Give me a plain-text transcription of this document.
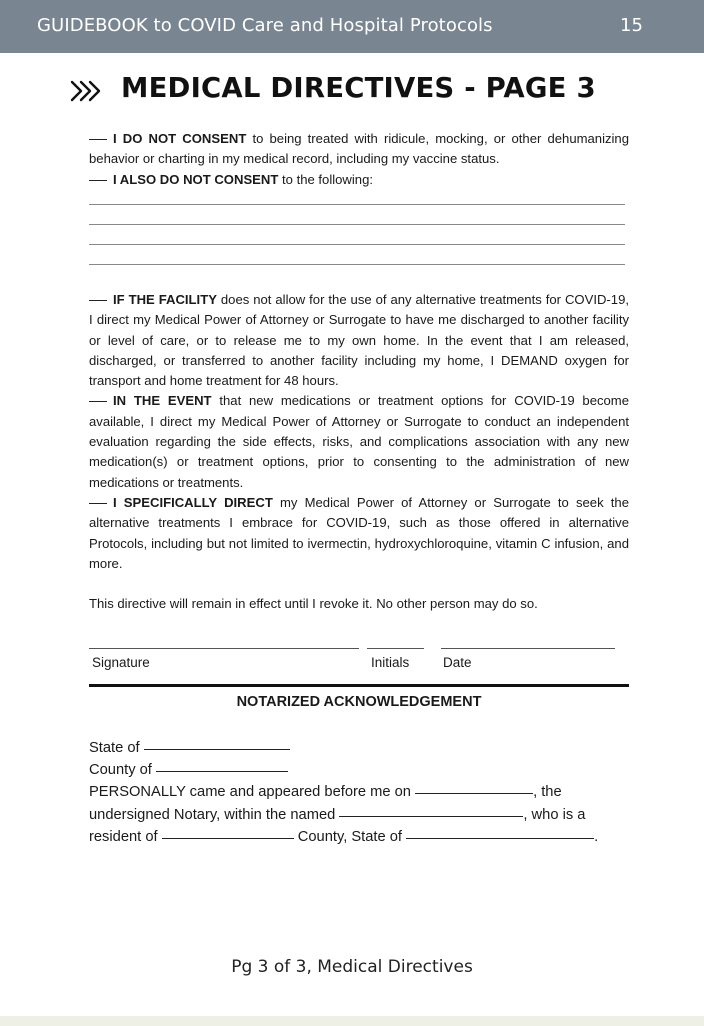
GUIDEBOOK to COVID Care and Hospital Protocols	15
MEDICAL DIRECTIVES - PAGE 3

I DO NOT CONSENT to being treated with ridicule, mocking, or other dehumanizing behavior or charting in my medical record, including my vaccine status.

I ALSO DO NOT CONSENT to the following:

IF THE FACILITY does not allow for the use of any alternative treatments for COVID-19, I direct my Medical Power of Attorney or Surrogate to have me discharged to another facility or level of care, or to release me to my own home. In the event that I am released, discharged, or transferred to another facility including my home, I DEMAND oxygen for transport and home treatment for 48 hours.

IN THE EVENT that new medications or treatment options for COVID-19 become available, I direct my Medical Power of Attorney or Surrogate to conduct an independent evaluation regarding the side effects, risks, and complications association with any new medication(s) or treatment options, prior to consenting to the administration of new medications or treatments.

I SPECIFICALLY DIRECT my Medical Power of Attorney or Surrogate to seek the alternative treatments I embrace for COVID-19, such as those offered in alternative Protocols, including but not limited to ivermectin, hydroxychloroquine, vitamin C infusion, and more.

This directive will remain in effect until I revoke it. No other person may do so.
Signature	Initials Date
NOTARIZED ACKNOWLEDGEMENT
State of
County of
PERSONALLY came and appeared before me on	, the
undersigned Notary, within the named	, who is a
resident of	County, State of	.
Pg 3 of 3, Medical Directives
